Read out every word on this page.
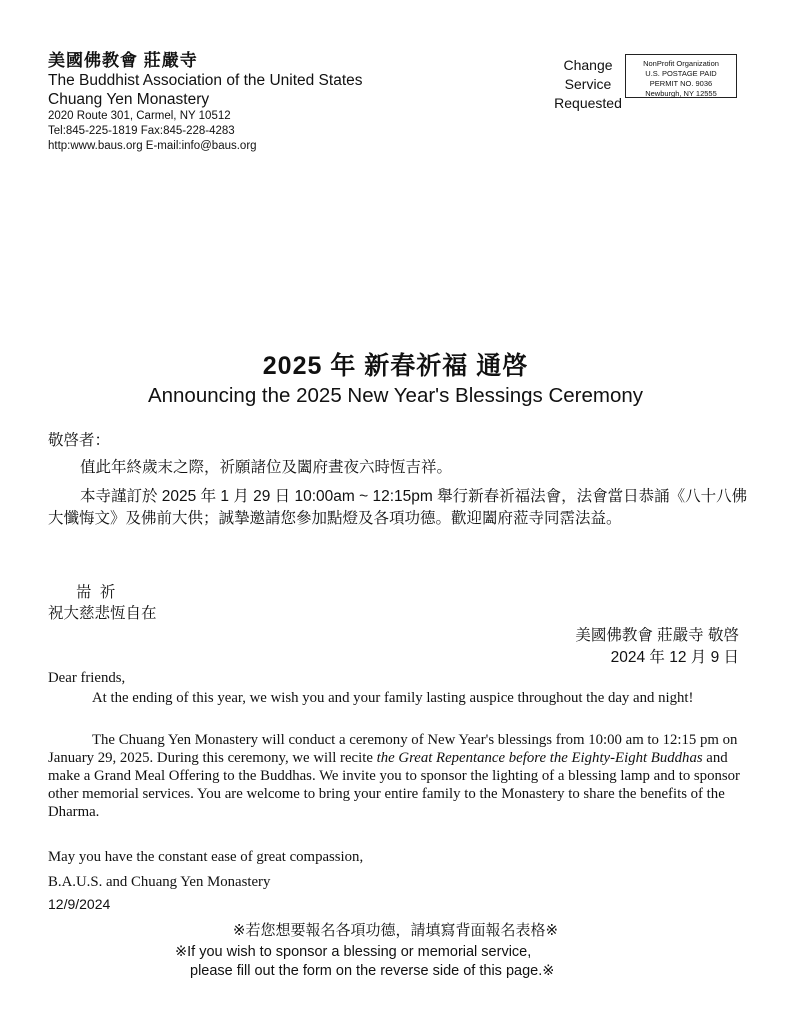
美國佛教會 莊嚴寺
The Buddhist Association of the United States
Chuang Yen Monastery
2020 Route 301, Carmel, NY 10512
Tel:845-225-1819 Fax:845-228-4283
http:www.baus.org E-mail:info@baus.org
Change
Service
Requested
NonProfit Organization
U.S. POSTAGE PAID
PERMIT NO. 9036
Newburgh, NY 12555
2025 年 新春祈福 通啓
Announcing the 2025 New Year's Blessings Ceremony
敬啓者：
值此年終歲末之際，祈願諸位及闔府晝夜六時恆吉祥。
本寺謹訂於 2025 年 1 月 29 日 10:00am ~ 12:15pm 舉行新春祈福法會，法會當日恭誦《八十八佛大懺悔文》及佛前大供；誠摯邀請您參加點燈及各項功德。歡迎闔府蒞寺同霑法益。
耑 祈
祝大慈悲恆自在
美國佛教會 莊嚴寺 敬啓
2024 年 12 月 9 日
Dear friends,
At the ending of this year, we wish you and your family lasting auspice throughout the day and night!
The Chuang Yen Monastery will conduct a ceremony of New Year's blessings from 10:00 am to 12:15 pm on January 29, 2025. During this ceremony, we will recite the Great Repentance before the Eighty-Eight Buddhas and make a Grand Meal Offering to the Buddhas. We invite you to sponsor the lighting of a blessing lamp and to sponsor other memorial services. You are welcome to bring your entire family to the Monastery to share the benefits of the Dharma.
May you have the constant ease of great compassion,
B.A.U.S. and Chuang Yen Monastery
12/9/2024
※若您想要報名各項功德，請填寫背面報名表格※
※If you wish to sponsor a blessing or memorial service,
please fill out the form on the reverse side of this page.※
